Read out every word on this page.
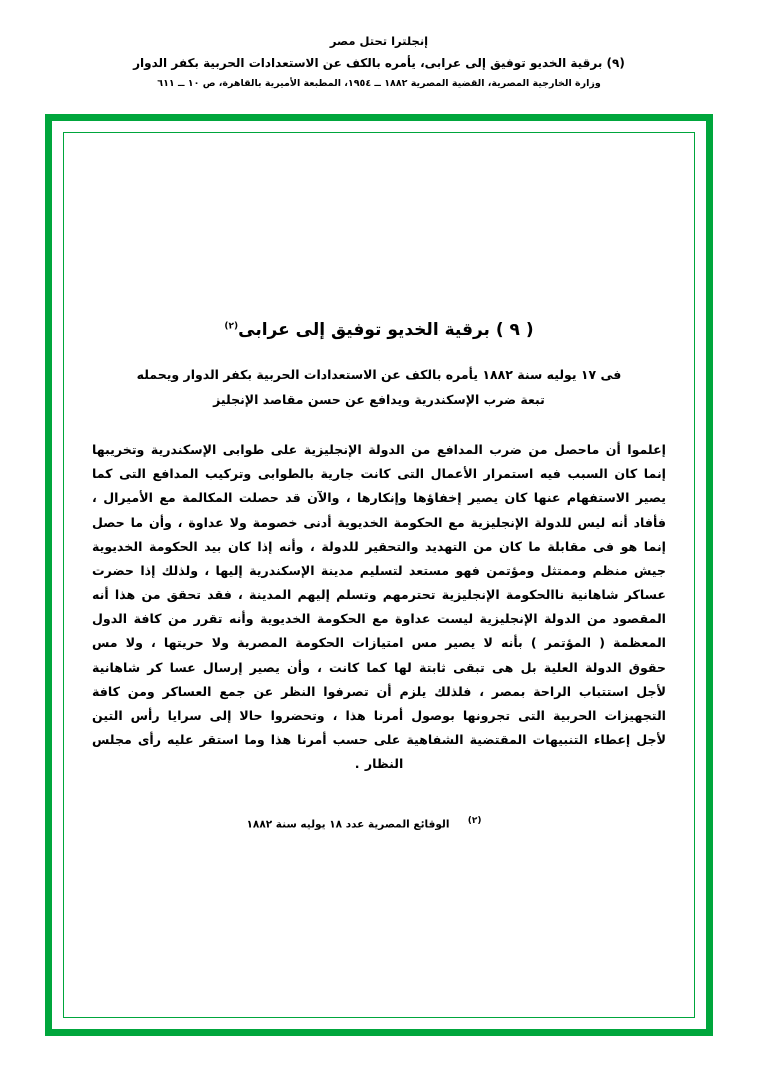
إنجلترا تحتل مصر
(٩) برقية الخديو توفيق إلى عرابى، يأمره بالكف عن الاستعدادات الحربية بكفر الدوار
وزارة الخارجية المصرية، القضية المصرية ١٨٨٢ ــ ١٩٥٤، المطبعة الأميرية بالقاهرة، ص ١٠ ــ ٦١١
( ٩ ) برقية الخديو توفيق إلى عرابى$^{(٢)}$
فى ١٧ يوليه سنة ١٨٨٢ يأمره بالكف عن الاستعدادات الحربية بكفر الدوار ويحمله
تبعة ضرب الإسكندرية ويدافع عن حسن مقاصد الإنجليز
إعلموا أن ماحصل من ضرب المدافع من الدولة الإنجليزية على طوابى الإسكندرية وتخريبها إنما كان السبب فيه استمرار الأعمال التى كانت جارية بالطوابى وتركيب المدافع التى كما يصير الاستفهام عنها كان يصير إخفاؤها وإنكارها ، والآن قد حصلت المكالمة مع الأميرال ، فأفاد أنه ليس للدولة الإنجليزية مع الحكومة الخديوية أدنى خصومة ولا عداوة ، وأن ما حصل إنما هو فى مقابلة ما كان من التهديد والتحقير للدولة ، وأنه إذا كان بيد الحكومة الخديوية جيش منظم وممتثل ومؤتمن فهو مستعد لتسليم مدينة الإسكندرية إليها ، ولذلك إذا حضرت عساكر شاهانية ناالحكومة الإنجليزية تحترمهم وتسلم إليهم المدينة ، فقد تحقق من هذا أنه المقصود من الدولة الإنجليزية ليست عداوة مع الحكومة الخديوية وأنه تقرر من كافة الدول المعظمة ( المؤتمر ) بأنه لا يصير مس امتيازات الحكومة المصرية ولا حريتها ، ولا مس حقوق الدولة العلية بل هى تبقى ثابتة لها كما كانت ، وأن يصير إرسال عسا كر شاهانية لأجل استتباب الراحة بمصر ، فلذلك يلزم أن تصرفوا النظر عن جمع العساكر ومن كافة التجهيزات الحربية التى تجرونها بوصول أمرنا هذا ، وتحضروا حالا إلى سرايا رأس التين لأجل إعطاء التنبيهات المقتضية الشفاهية على حسب أمرنا هذا وما استقر عليه رأى مجلس النظار .
$^{(٢)}$     الوقائع المصرية عدد ١٨ يوليه سنة ١٨٨٢
